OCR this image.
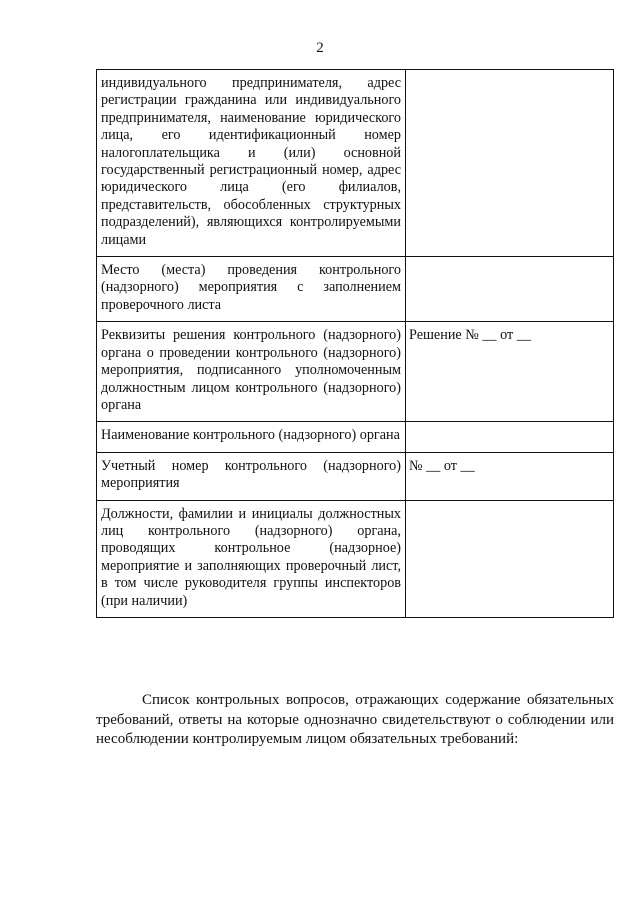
2
индивидуального предпринимателя, адрес регистрации гражданина или индивидуального предпринимателя, наименование юридического лица, его идентификационный номер налогоплательщика и (или) основной государственный регистрационный номер, адрес юридического лица (его филиалов, представительств, обособленных структурных подразделений), являющихся контролируемыми лицами	
Место (места) проведения контрольного (надзорного) мероприятия с заполнением проверочного листа	
Реквизиты решения контрольного (надзорного) органа о проведении контрольного (надзорного) мероприятия, подписанного уполномоченным должностным лицом контрольного (надзорного) органа	Решение № __ от __
Наименование контрольного (надзорного) органа	
Учетный номер контрольного (надзорного) мероприятия	№ __ от __
Должности, фамилии и инициалы должностных лиц контрольного (надзорного) органа, проводящих контрольное (надзорное) мероприятие и заполняющих проверочный лист, в том числе руководителя группы инспекторов (при наличии)	

Список контрольных вопросов, отражающих содержание обязательных требований, ответы на которые однозначно свидетельствуют о соблюдении или несоблюдении контролируемым лицом обязательных требований:
